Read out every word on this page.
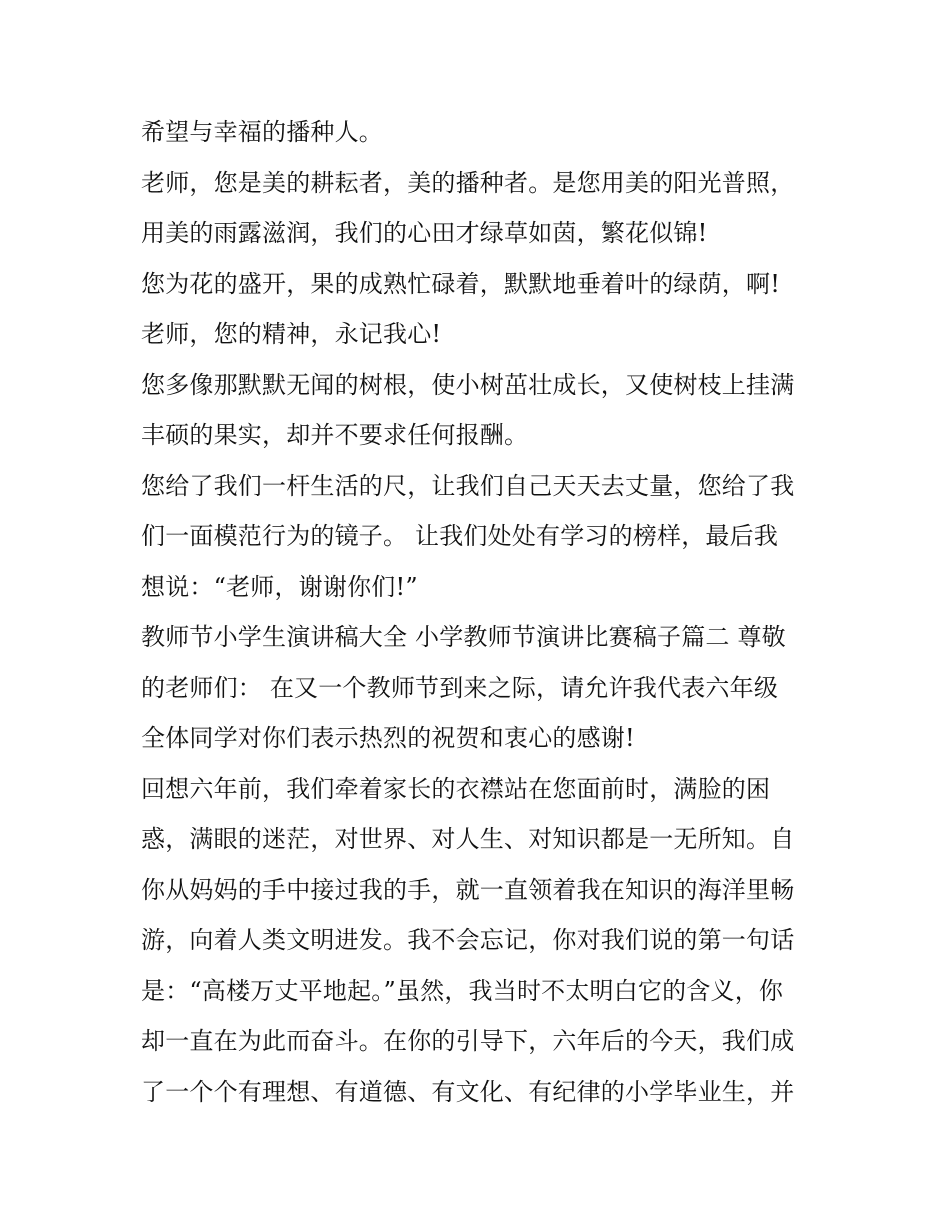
希望与幸福的播种人。
老师，您是美的耕耘者，美的播种者。是您用美的阳光普照，
用美的雨露滋润，我们的心田才绿草如茵，繁花似锦!
您为花的盛开，果的成熟忙碌着，默默地垂着叶的绿荫，啊!
老师，您的精神，永记我心!
您多像那默默无闻的树根，使小树茁壮成长，又使树枝上挂满
丰硕的果实，却并不要求任何报酬。
您给了我们一杆生活的尺，让我们自己天天去丈量，您给了我
们一面模范行为的镜子。 让我们处处有学习的榜样，最后我
想说：“老师，谢谢你们!”
教师节小学生演讲稿大全 小学教师节演讲比赛稿子篇二 尊敬
的老师们： 在又一个教师节到来之际，请允许我代表六年级
全体同学对你们表示热烈的祝贺和衷心的感谢!
回想六年前，我们牵着家长的衣襟站在您面前时，满脸的困
惑，满眼的迷茫，对世界、对人生、对知识都是一无所知。自
你从妈妈的手中接过我的手，就一直领着我在知识的海洋里畅
游，向着人类文明进发。我不会忘记，你对我们说的第一句话
是：“高楼万丈平地起。”虽然，我当时不太明白它的含义，你
却一直在为此而奋斗。在你的引导下，六年后的今天，我们成
了一个个有理想、有道德、有文化、有纪律的小学毕业生，并
